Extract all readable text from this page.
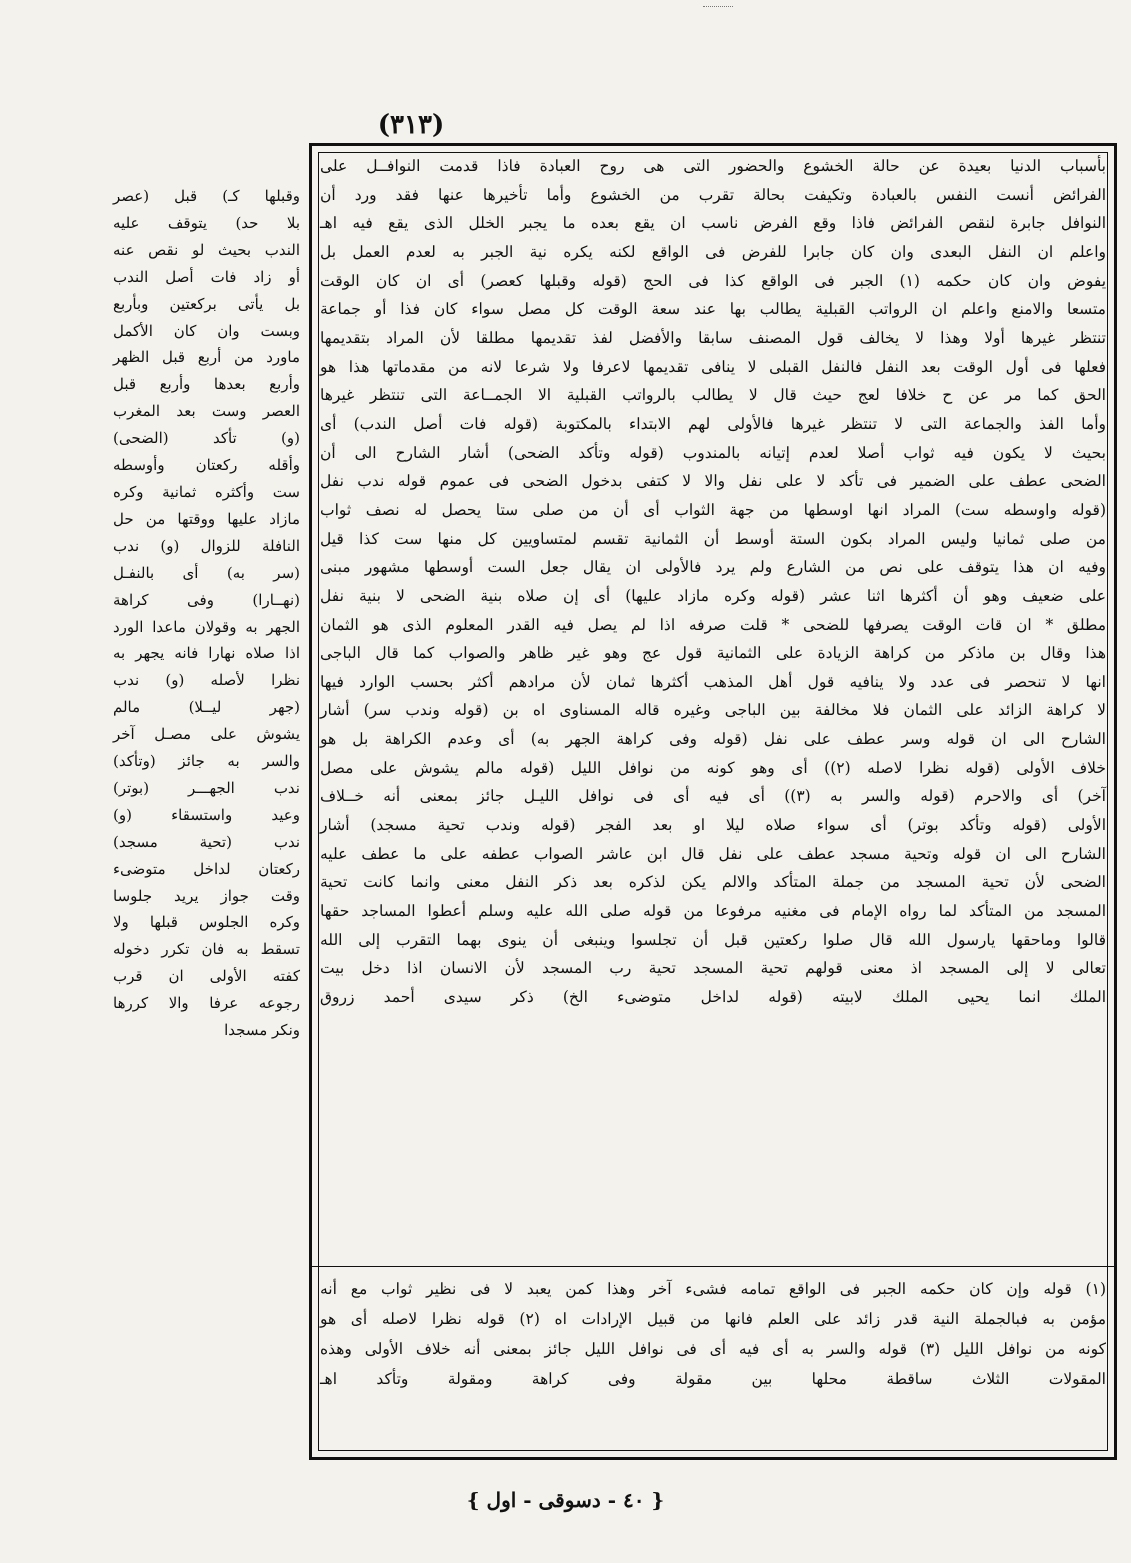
(٣١٣)

وقبلها كـ) قبل (عصر

بلا حد) يتوقف عليه

الندب بحيث لو نقص عنه

أو زاد فات أصل الندب

بل يأتى بركعتين وبأربع

وبست وان كان الأكمل

ماورد من أربع قبل الظهر

وأربع بعدها وأربع قبل

العصر وست بعد المغرب

(و) تأكد (الضحى)

وأقله ركعتان وأوسطه

ست وأكثره ثمانية وكره

مازاد عليها ووقتها من حل

النافلة للزوال (و) ندب

(سر به) أى بالنفـل

(نهــارا) وفى كراهة

الجهر به وقولان ماعدا الورد

اذا صلاه نهارا فانه يجهر به

نظرا لأصله (و) ندب

(جهر ليــلا) مالم

يشوش على مصـل آخر

والسر به جائز (وتأكد)

ندب الجهـــر (بوتر)

وعيد واستسقاء (و)

ندب (تحية مسجد)

ركعتان لداخل متوضىء

وقت جواز يريد جلوسا

وكره الجلوس قبلها ولا

تسقط به فان تكرر دخوله

كفته الأولى ان قرب

رجوعه عرفا والا كررها

ونكر مسجدا

بأسباب الدنيا بعيدة عن حالة الخشوع والحضور التى هى روح العبادة فاذا قدمت النوافــل على

الفرائض أنست النفس بالعبادة وتكيفت بحالة تقرب من الخشوع وأما تأخيرها عنها فقد ورد أن

النوافل جابرة لنقص الفرائض فاذا وقع الفرض ناسب ان يقع بعده ما يجبر الخلل الذى يقع فيه اهـ

واعلم ان النفل البعدى وان كان جابرا للفرض فى الواقع لكنه يكره نية الجبر به لعدم العمل بل

يفوض وان كان حكمه (١) الجبر فى الواقع كذا فى الحج (قوله وقبلها كعصر) أى ان كان الوقت

متسعا والامنع واعلم ان الرواتب القبلية يطالب بها عند سعة الوقت كل مصل سواء كان فذا أو جماعة

تنتظر غيرها أولا وهذا لا يخالف قول المصنف سابقا والأفضل لفذ تقديمها مطلقا لأن المراد بتقديمها

فعلها فى أول الوقت بعد النفل فالنفل القبلى لا ينافى تقديمها لاعرفا ولا شرعا لانه من مقدماتها هذا هو

الحق كما مر عن ح خلافا لعج حيث قال لا يطالب بالرواتب القبلية الا الجمــاعة التى تنتظر غيرها

وأما الفذ والجماعة التى لا تنتظر غيرها فالأولى لهم الابتداء بالمكتوبة (قوله فات أصل الندب) أى

بحيث لا يكون فيه ثواب أصلا لعدم إتيانه بالمندوب (قوله وتأكد الضحى) أشار الشارح الى أن

الضحى عطف على الضمير فى تأكد لا على نفل والا لا كتفى بدخول الضحى فى عموم قوله ندب نفل

(قوله واوسطه ست) المراد انها اوسطها من جهة الثواب أى أن من صلى ستا يحصل له نصف ثواب

من صلى ثمانيا وليس المراد بكون الستة أوسط أن الثمانية تقسم لمتساويين كل منها ست كذا قيل

وفيه ان هذا يتوقف على نص من الشارع ولم يرد فالأولى ان يقال جعل الست أوسطها مشهور مبنى

على ضعيف وهو أن أكثرها اثنا عشر (قوله وكره مازاد عليها) أى إن صلاه بنية الضحى لا بنية نفل

مطلق * ان قات الوقت يصرفها للضحى * قلت صرفه اذا لم يصل فيه القدر المعلوم الذى هو الثمان

هذا وقال بن ماذكر من كراهة الزيادة على الثمانية قول عج وهو غير ظاهر والصواب كما قال الباجى

انها لا تنحصر فى عدد ولا ينافيه قول أهل المذهب أكثرها ثمان لأن مرادهم أكثر بحسب الوارد فيها

لا كراهة الزائد على الثمان فلا مخالفة بين الباجى وغيره قاله المسناوى اه بن (قوله وندب سر) أشار

الشارح الى ان قوله وسر عطف على نفل (قوله وفى كراهة الجهر به) أى وعدم الكراهة بل هو

خلاف الأولى (قوله نظرا لاصله (٢)) أى وهو كونه من نوافل الليل (قوله مالم يشوش على مصل

آخر) أى والاحرم (قوله والسر به (٣)) أى فيه أى فى نوافل الليـل جائز بمعنى أنه خــلاف

الأولى (قوله وتأكد بوتر) أى سواء صلاه ليلا او بعد الفجر (قوله وندب تحية مسجد) أشار

الشارح الى ان قوله وتحية مسجد عطف على نفل قال ابن عاشر الصواب عطفه على ما عطف عليه

الضحى لأن تحية المسجد من جملة المتأكد والالم يكن لذكره بعد ذكر النفل معنى وانما كانت تحية

المسجد من المتأكد لما رواه الإمام فى مغنيه مرفوعا من قوله صلى الله عليه وسلم أعطوا المساجد حقها

قالوا وماحقها يارسول الله قال صلوا ركعتين قبل أن تجلسوا وينبغى أن ينوى بهما التقرب إلى الله

تعالى لا إلى المسجد اذ معنى قولهم تحية المسجد تحية رب المسجد لأن الانسان اذا دخل بيت

الملك انما يحيى الملك لابيته (قوله لداخل متوضىء الخ) ذكر سيدى أحمد زروق

(١) قوله وإن كان حكمه الجبر فى الواقع تمامه فشىء آخر وهذا كمن يعبد لا فى نظير ثواب مع أنه

مؤمن به فبالجملة النية قدر زائد على العلم فانها من قبيل الإرادات اه (٢) قوله نظرا لاصله أى هو

كونه من نوافل الليل (٣) قوله والسر به أى فيه أى فى نوافل الليل جائز بمعنى أنه خلاف الأولى وهذه

المقولات الثلاث ساقطة محلها بين مقولة وفى كراهة ومقولة وتأكد اهـ

{ ٤٠ - دسوقى - اول }
